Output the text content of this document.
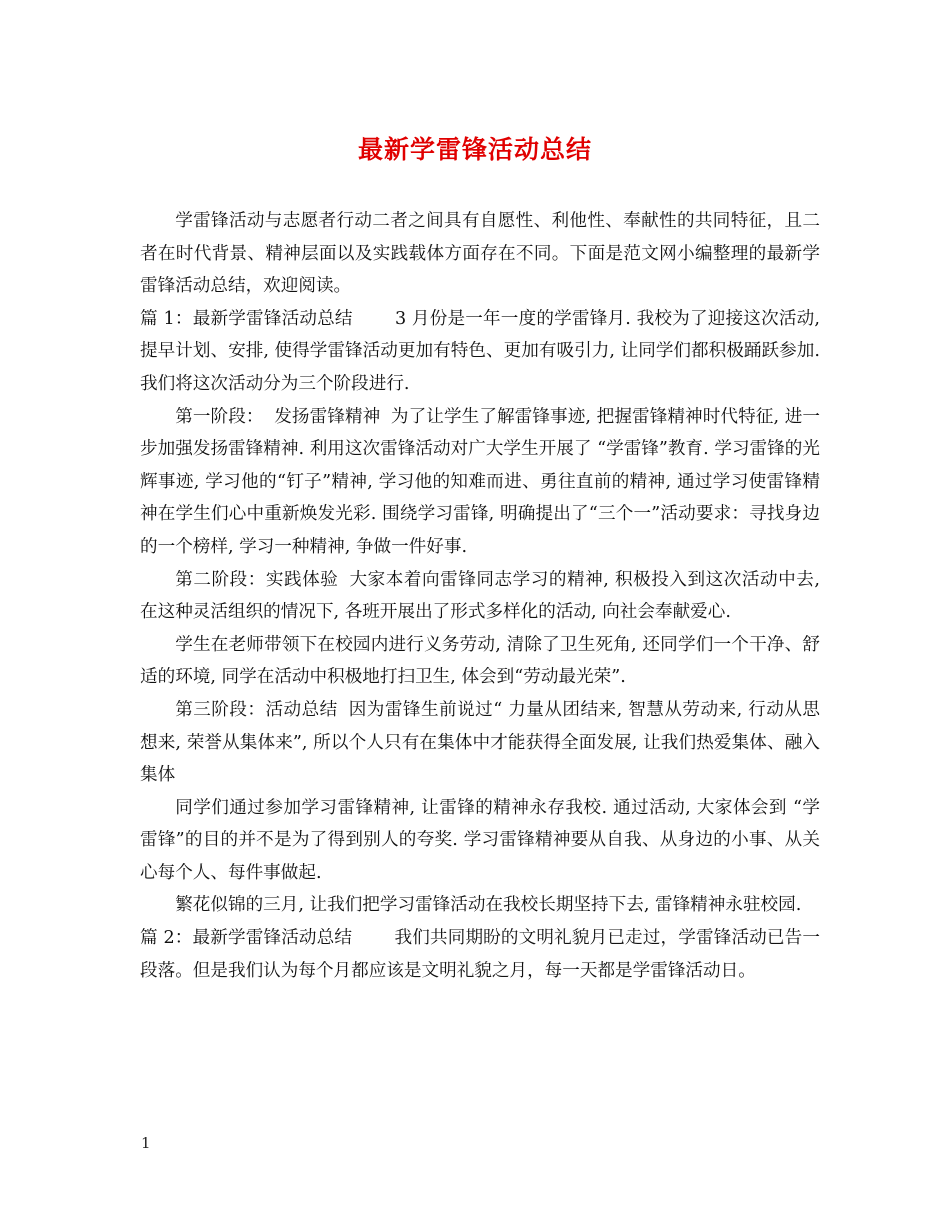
最新学雷锋活动总结

学雷锋活动与志愿者行动二者之间具有自愿性、利他性、奉献性的共同特征，且二者在时代背景、精神层面以及实践载体方面存在不同。下面是范文网小编整理的最新学雷锋活动总结，欢迎阅读。

篇 1：最新学雷锋活动总结 3 月份是一年一度的学雷锋月. 我校为了迎接这次活动, 提早计划、安排, 使得学雷锋活动更加有特色、更加有吸引力, 让同学们都积极踊跃参加. 我们将这次活动分为三个阶段进行.

第一阶段： 发扬雷锋精神 为了让学生了解雷锋事迹, 把握雷锋精神时代特征, 进一步加强发扬雷锋精神. 利用这次雷锋活动对广大学生开展了 “学雷锋”教育. 学习雷锋的光辉事迹, 学习他的“钉子”精神, 学习他的知难而进、勇往直前的精神, 通过学习使雷锋精神在学生们心中重新焕发光彩. 围绕学习雷锋, 明确提出了“三个一”活动要求：寻找身边的一个榜样, 学习一种精神, 争做一件好事.

第二阶段：实践体验 大家本着向雷锋同志学习的精神, 积极投入到这次活动中去, 在这种灵活组织的情况下, 各班开展出了形式多样化的活动, 向社会奉献爱心.

学生在老师带领下在校园内进行义务劳动, 清除了卫生死角, 还同学们一个干净、舒适的环境, 同学在活动中积极地打扫卫生, 体会到“劳动最光荣”.

第三阶段：活动总结 因为雷锋生前说过“ 力量从团结来, 智慧从劳动来, 行动从思想来, 荣誉从集体来”, 所以个人只有在集体中才能获得全面发展, 让我们热爱集体、融入集体

同学们通过参加学习雷锋精神, 让雷锋的精神永存我校. 通过活动, 大家体会到 “学雷锋”的目的并不是为了得到别人的夸奖. 学习雷锋精神要从自我、从身边的小事、从关心每个人、每件事做起.

繁花似锦的三月, 让我们把学习雷锋活动在我校长期坚持下去, 雷锋精神永驻校园.

篇 2：最新学雷锋活动总结 我们共同期盼的文明礼貌月已走过，学雷锋活动已告一段落。但是我们认为每个月都应该是文明礼貌之月，每一天都是学雷锋活动日。

1
